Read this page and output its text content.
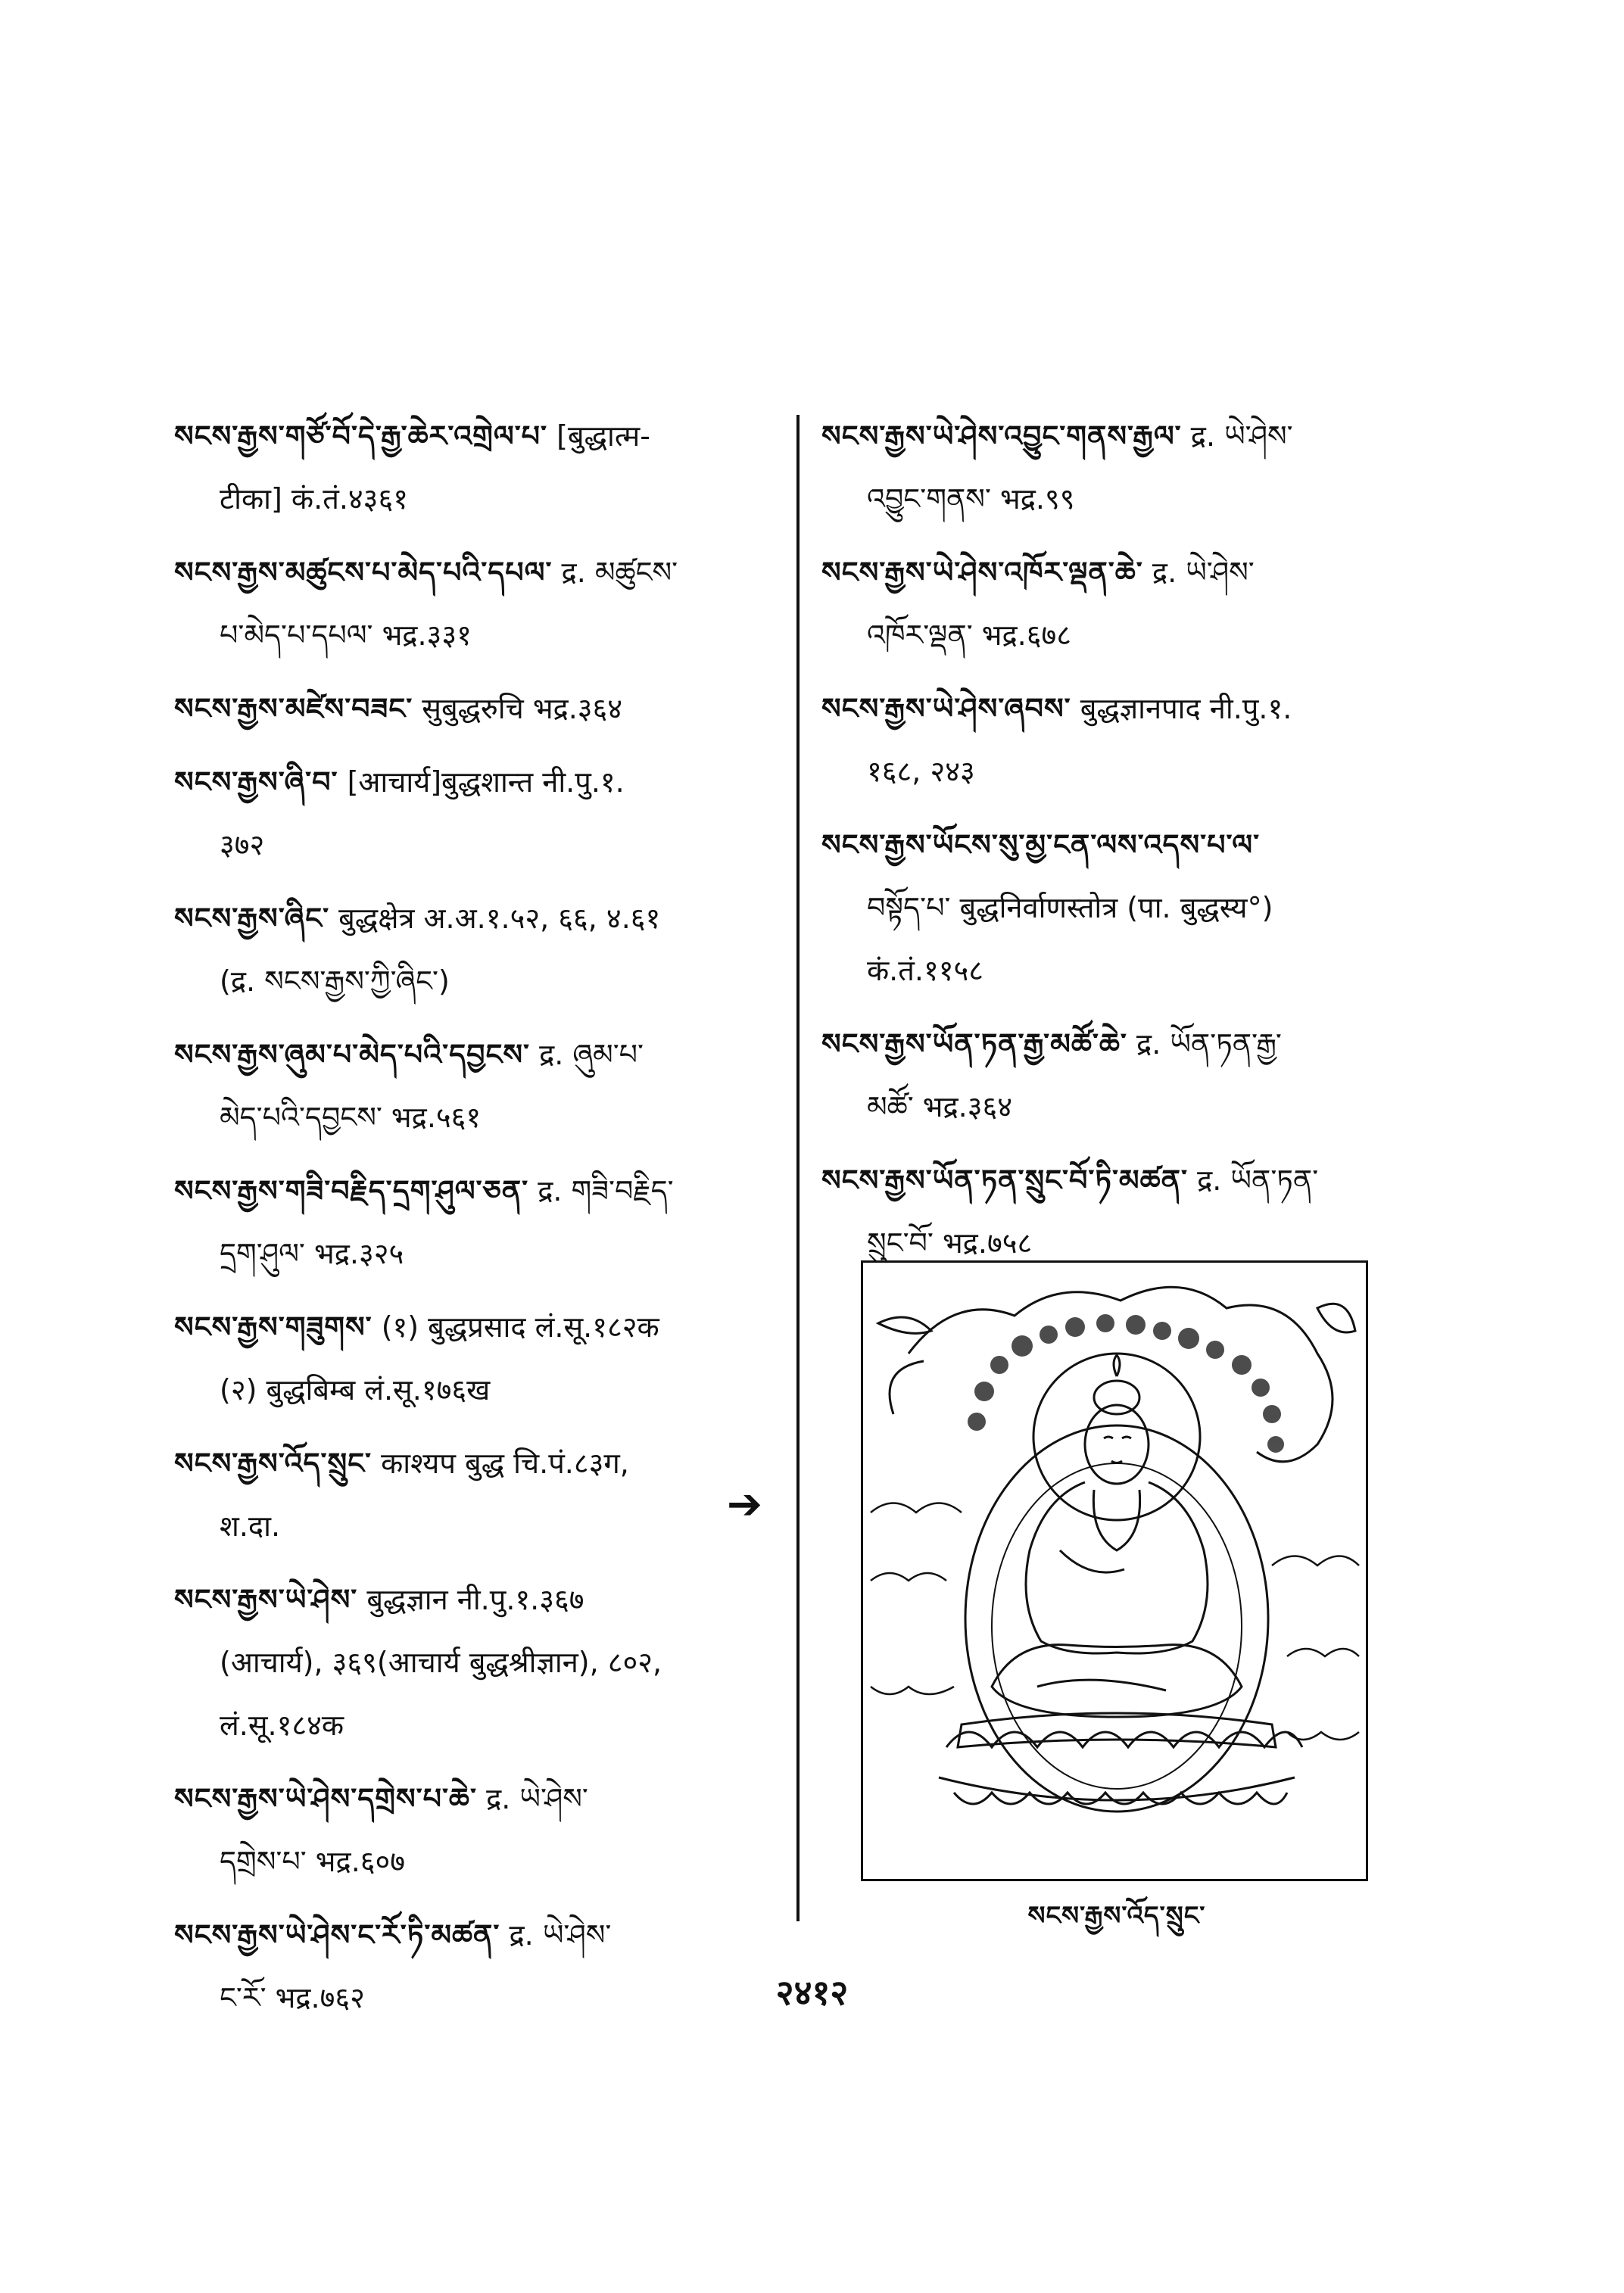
སངས་རྒྱས་གཙོ་བོ་དེ་རྒྱ་ཆེར་འགྲེལ་པ་ [बुद्धात्म-
टीका] कं.तं.४३६१
སངས་རྒྱས་མཚུངས་པ་མེད་པའི་དཔལ་ द्र. མཚུངས་
པ་མེད་པ་དཔལ་ भद्र.३३१
སངས་རྒྱས་མཛེས་བཟང་ सुबुद्धरुचि भद्र.३६४
སངས་རྒྱས་ཞི་བ་ [आचार्य]बुद्धशान्त नी.पु.१.
३७२
སངས་རྒྱས་ཞིང་ बुद्धक्षेत्र अ.अ.१.५२, ६६, ४.६१
(द्र. སངས་རྒྱས་ཀྱི་ཞིང་)
སངས་རྒྱས་ཞུམ་པ་མེད་པའི་དབྱངས་ द्र. ཞུམ་པ་
མེད་པའི་དབྱངས་ भद्र.५६१
སངས་རྒྱས་གཟི་བརྗིད་དྲག་ཤུལ་ཅན་ द्र. གཟི་བརྗིད་
དྲག་ཤུལ་ भद्र.३२५
སངས་རྒྱས་གཟུགས་ (१) बुद्धप्रसाद लं.सू.१८२क
(२) बुद्धबिम्ब लं.सू.१७६ख
སངས་རྒྱས་འོད་སྲུང་ काश्यप बुद्ध चि.पं.८३ग,
श.दा.
སངས་རྒྱས་ཡེ་ཤེས་ बुद्धज्ञान नी.पु.१.३६७
(आचार्य), ३६९(आचार्य बुद्धश्रीज्ञान), ८०२,
लं.सू.१८४क
སངས་རྒྱས་ཡེ་ཤེས་དགྲེས་པ་ཆེ་ द्र. ཡེ་ཤེས་
དགྲེས་པ་ भद्र.६०७
སངས་རྒྱས་ཡེ་ཤེས་ང་རོ་ཏི་མཚན་ द्र. ཡེ་ཤེས་
ང་རོ་ भद्र.७६२
སངས་རྒྱས་ཡེ་ཤེས་འབྱུང་གནས་རྒྱལ་ द्र. ཡེ་ཤེས་
འབྱུང་གནས་ भद्र.९९
སངས་རྒྱས་ཡེ་ཤེས་འཁོར་ལྡན་ཆེ་ द्र. ཡེ་ཤེས་
འཁོར་ལྡན་ भद्र.६७८
སངས་རྒྱས་ཡེ་ཤེས་ཞབས་ बुद्धज्ञानपाद नी.पु.१.
१६८, २४३
སངས་རྒྱས་ཡོངས་སུ་མྱ་ངན་ལས་འདས་པ་ལ་
བསྟོད་པ་ बुद्धनिर्वाणस्तोत्र (पा. बुद्धस्य°)
कं.तं.११५८
སངས་རྒྱས་ཡོན་ཏན་རྒྱ་མཚོ་ཆེ་ द्र. ཡོན་ཏན་རྒྱ་
མཚོ་ भद्र.३६४
སངས་རྒྱས་ཡོན་ཏན་སྲུང་བོ་ཏི་མཚན་ द्र. ཡོན་ཏན་
སྲུང་བོ་ भद्र.७५८
➔
སངས་རྒྱས་འོད་སྲུང་
२४१२
